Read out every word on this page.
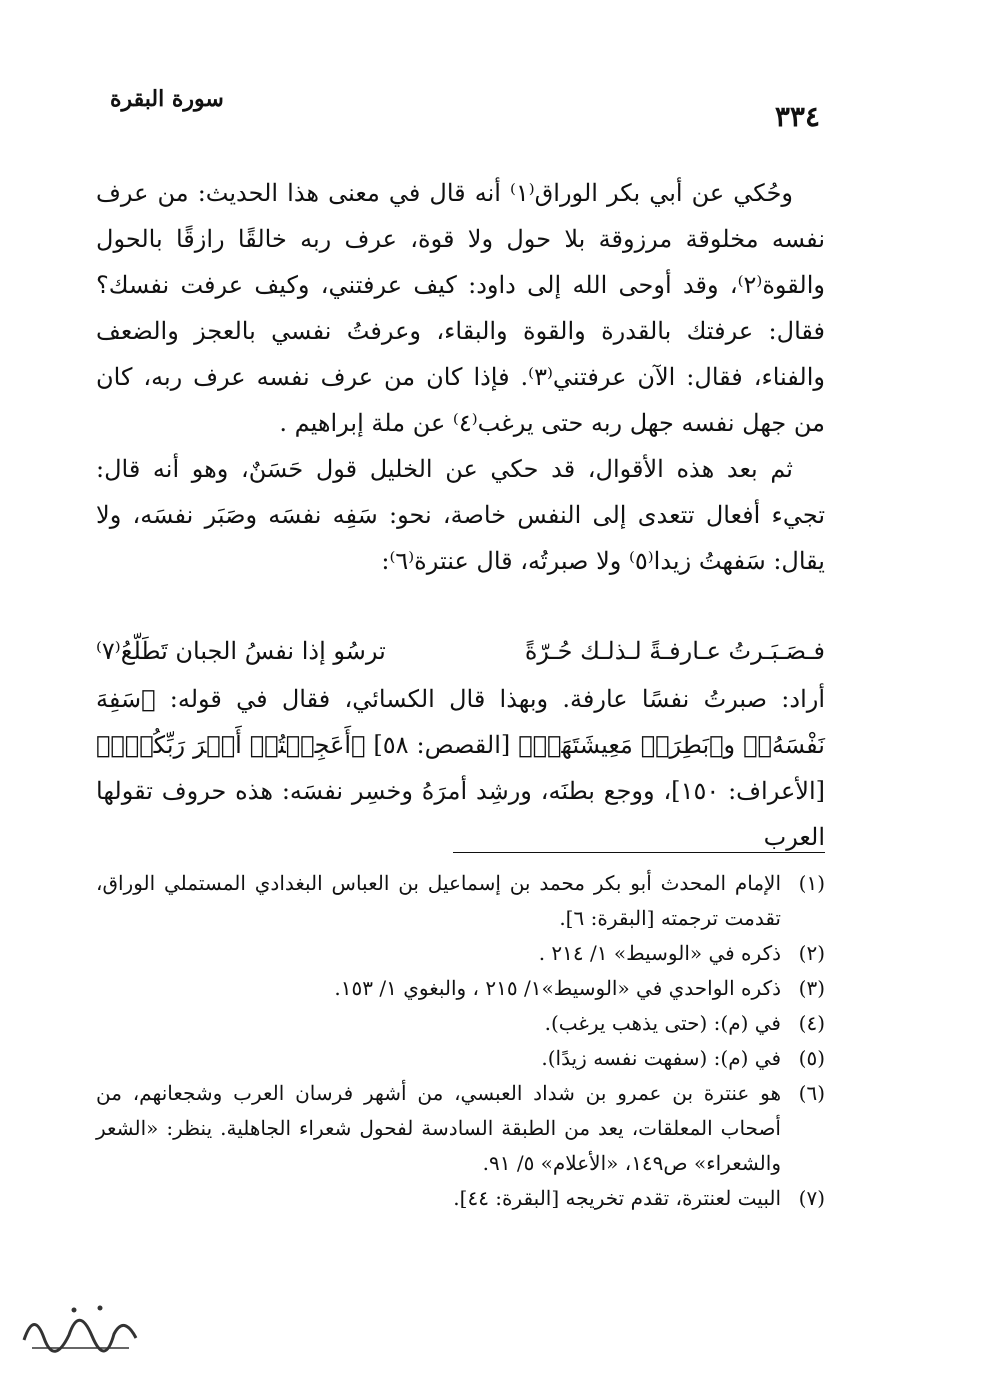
سورة البقرة
٣٣٤

وحُكي عن أبي بكر الوراق⁽١⁾ أنه قال في معنى هذا الحديث: من عرف نفسه مخلوقة مرزوقة بلا حول ولا قوة، عرف ربه خالقًا رازقًا بالحول والقوة⁽٢⁾، وقد أوحى الله إلى داود: كيف عرفتني، وكيف عرفت نفسك؟ فقال: عرفتك بالقدرة والقوة والبقاء، وعرفتُ نفسي بالعجز والضعف والفناء، فقال: الآن عرفتني⁽٣⁾. فإذا كان من عرف نفسه عرف ربه، كان من جهل نفسه جهل ربه حتى يرغب⁽٤⁾ عن ملة إبراهيم .

ثم بعد هذه الأقوال، قد حكي عن الخليل قول حَسَنٌ، وهو أنه قال: تجيء أفعال تتعدى إلى النفس خاصة، نحو: سَفِه نفسَه وصَبَر نفسَه، ولا يقال: سَفهتُ زيدا⁽٥⁾ ولا صبرتُه، قال عنترة⁽٦⁾:

فـصَـبَـرتُ عـارفـةً لـذلـك حُـرّةً
ترسُو إذا نفسُ الجبان تَطَلّعُ⁽٧⁾

أراد: صبرتُ نفسًا عارفة. وبهذا قال الكسائي، فقال في قوله: ﴿سَفِهَ نَفْسَهُۥ﴾ و﴿بَطِرَتۡ مَعِيشَتَهَاۖ﴾ [القصص: ٥٨] ﴿أَعَجِلۡتُمۡ أَمۡرَ رَبِّكُمۡۖ﴾ [الأعراف: ١٥٠]، ووجع بطنَه، ورشِد أمرَهُ وخسِر نفسَه: هذه حروف تقولها العرب

(١)
الإمام المحدث أبو بكر محمد بن إسماعيل بن العباس البغدادي المستملي الوراق، تقدمت ترجمته [البقرة: ٦].
(٢)
ذكره في «الوسيط» ١/ ٢١٤ .
(٣)
ذكره الواحدي في «الوسيط»١/ ٢١٥ ، والبغوي ١/ ١٥٣.
(٤)
في (م): (حتى يذهب يرغب).
(٥)
في (م): (سفهت نفسه زيدًا).
(٦)
هو عنترة بن عمرو بن شداد العبسي، من أشهر فرسان العرب وشجعانهم، من أصحاب المعلقات، يعد من الطبقة السادسة لفحول شعراء الجاهلية. ينظر: «الشعر والشعراء» ص١٤٩، «الأعلام» ٥/ ٩١.
(٧)
البيت لعنترة، تقدم تخريجه [البقرة: ٤٤].
